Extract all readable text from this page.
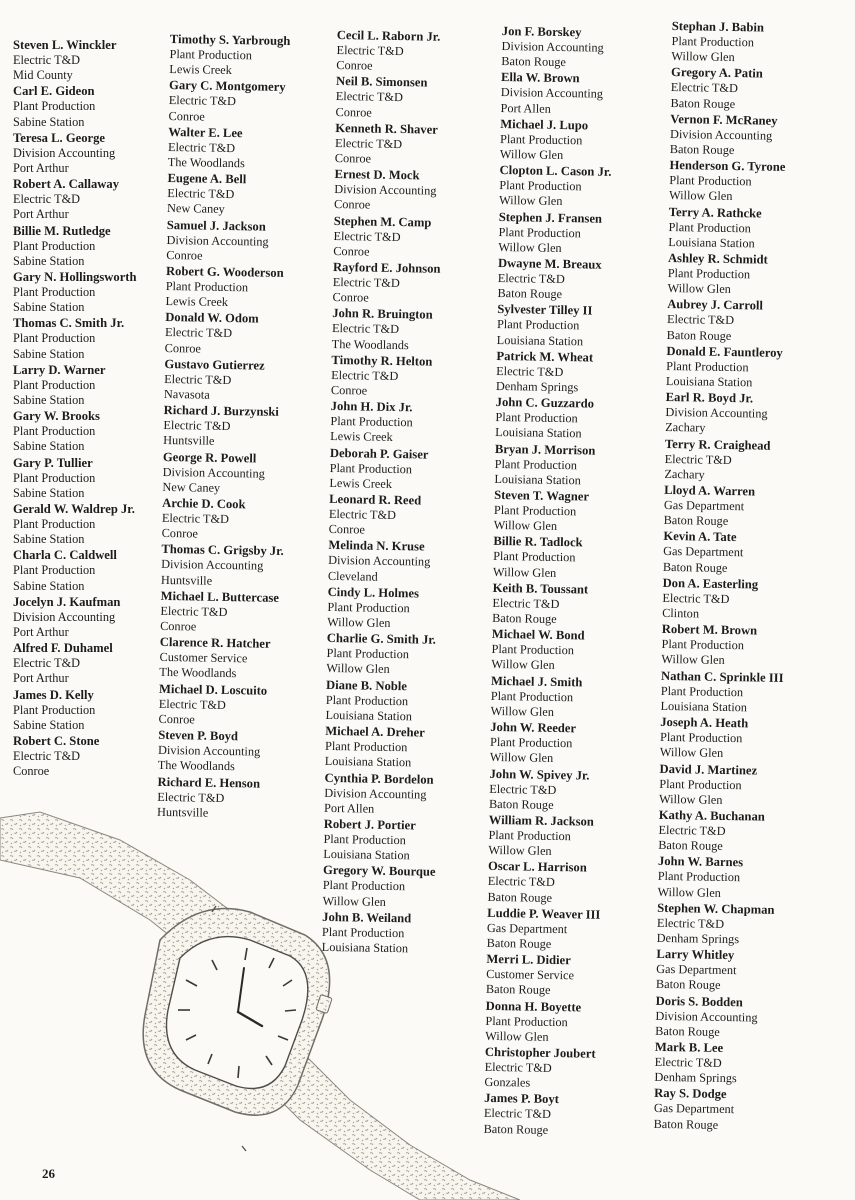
Steven L. Winckler
Electric T&D
Mid County
Carl E. Gideon
Plant Production
Sabine Station
Teresa L. George
Division Accounting
Port Arthur
Robert A. Callaway
Electric T&D
Port Arthur
Billie M. Rutledge
Plant Production
Sabine Station
Gary N. Hollingsworth
Plant Production
Sabine Station
Thomas C. Smith Jr.
Plant Production
Sabine Station
Larry D. Warner
Plant Production
Sabine Station
Gary W. Brooks
Plant Production
Sabine Station
Gary P. Tullier
Plant Production
Sabine Station
Gerald W. Waldrep Jr.
Plant Production
Sabine Station
Charla C. Caldwell
Plant Production
Sabine Station
Jocelyn J. Kaufman
Division Accounting
Port Arthur
Alfred F. Duhamel
Electric T&D
Port Arthur
James D. Kelly
Plant Production
Sabine Station
Robert C. Stone
Electric T&D
Conroe
Timothy S. Yarbrough
Plant Production
Lewis Creek
Gary C. Montgomery
Electric T&D
Conroe
Walter E. Lee
Electric T&D
The Woodlands
Eugene A. Bell
Electric T&D
New Caney
Samuel J. Jackson
Division Accounting
Conroe
Robert G. Wooderson
Plant Production
Lewis Creek
Donald W. Odom
Electric T&D
Conroe
Gustavo Gutierrez
Electric T&D
Navasota
Richard J. Burzynski
Electric T&D
Huntsville
George R. Powell
Division Accounting
New Caney
Archie D. Cook
Electric T&D
Conroe
Thomas C. Grigsby Jr.
Division Accounting
Huntsville
Michael L. Buttercase
Electric T&D
Conroe
Clarence R. Hatcher
Customer Service
The Woodlands
Michael D. Loscuito
Electric T&D
Conroe
Steven P. Boyd
Division Accounting
The Woodlands
Richard E. Henson
Electric T&D
Huntsville
Cecil L. Raborn Jr.
Electric T&D
Conroe
Neil B. Simonsen
Electric T&D
Conroe
Kenneth R. Shaver
Electric T&D
Conroe
Ernest D. Mock
Division Accounting
Conroe
Stephen M. Camp
Electric T&D
Conroe
Rayford E. Johnson
Electric T&D
Conroe
John R. Bruington
Electric T&D
The Woodlands
Timothy R. Helton
Electric T&D
Conroe
John H. Dix Jr.
Plant Production
Lewis Creek
Deborah P. Gaiser
Plant Production
Lewis Creek
Leonard R. Reed
Electric T&D
Conroe
Melinda N. Kruse
Division Accounting
Cleveland
Cindy L. Holmes
Plant Production
Willow Glen
Charlie G. Smith Jr.
Plant Production
Willow Glen
Diane B. Noble
Plant Production
Louisiana Station
Michael A. Dreher
Plant Production
Louisiana Station
Cynthia P. Bordelon
Division Accounting
Port Allen
Robert J. Portier
Plant Production
Louisiana Station
Gregory W. Bourque
Plant Production
Willow Glen
John B. Weiland
Plant Production
Louisiana Station
Jon F. Borskey
Division Accounting
Baton Rouge
Ella W. Brown
Division Accounting
Port Allen
Michael J. Lupo
Plant Production
Willow Glen
Clopton L. Cason Jr.
Plant Production
Willow Glen
Stephen J. Fransen
Plant Production
Willow Glen
Dwayne M. Breaux
Electric T&D
Baton Rouge
Sylvester Tilley II
Plant Production
Louisiana Station
Patrick M. Wheat
Electric T&D
Denham Springs
John C. Guzzardo
Plant Production
Louisiana Station
Bryan J. Morrison
Plant Production
Louisiana Station
Steven T. Wagner
Plant Production
Willow Glen
Billie R. Tadlock
Plant Production
Willow Glen
Keith B. Toussant
Electric T&D
Baton Rouge
Michael W. Bond
Plant Production
Willow Glen
Michael J. Smith
Plant Production
Willow Glen
John W. Reeder
Plant Production
Willow Glen
John W. Spivey Jr.
Electric T&D
Baton Rouge
William R. Jackson
Plant Production
Willow Glen
Oscar L. Harrison
Electric T&D
Baton Rouge
Luddie P. Weaver III
Gas Department
Baton Rouge
Merri L. Didier
Customer Service
Baton Rouge
Donna H. Boyette
Plant Production
Willow Glen
Christopher Joubert
Electric T&D
Gonzales
James P. Boyt
Electric T&D
Baton Rouge
Stephan J. Babin
Plant Production
Willow Glen
Gregory A. Patin
Electric T&D
Baton Rouge
Vernon F. McRaney
Division Accounting
Baton Rouge
Henderson G. Tyrone
Plant Production
Willow Glen
Terry A. Rathcke
Plant Production
Louisiana Station
Ashley R. Schmidt
Plant Production
Willow Glen
Aubrey J. Carroll
Electric T&D
Baton Rouge
Donald E. Fauntleroy
Plant Production
Louisiana Station
Earl R. Boyd Jr.
Division Accounting
Zachary
Terry R. Craighead
Electric T&D
Zachary
Lloyd A. Warren
Gas Department
Baton Rouge
Kevin A. Tate
Gas Department
Baton Rouge
Don A. Easterling
Electric T&D
Clinton
Robert M. Brown
Plant Production
Willow Glen
Nathan C. Sprinkle III
Plant Production
Louisiana Station
Joseph A. Heath
Plant Production
Willow Glen
David J. Martinez
Plant Production
Willow Glen
Kathy A. Buchanan
Electric T&D
Baton Rouge
John W. Barnes
Plant Production
Willow Glen
Stephen W. Chapman
Electric T&D
Denham Springs
Larry Whitley
Gas Department
Baton Rouge
Doris S. Bodden
Division Accounting
Baton Rouge
Mark B. Lee
Electric T&D
Denham Springs
Ray S. Dodge
Gas Department
Baton Rouge
26
